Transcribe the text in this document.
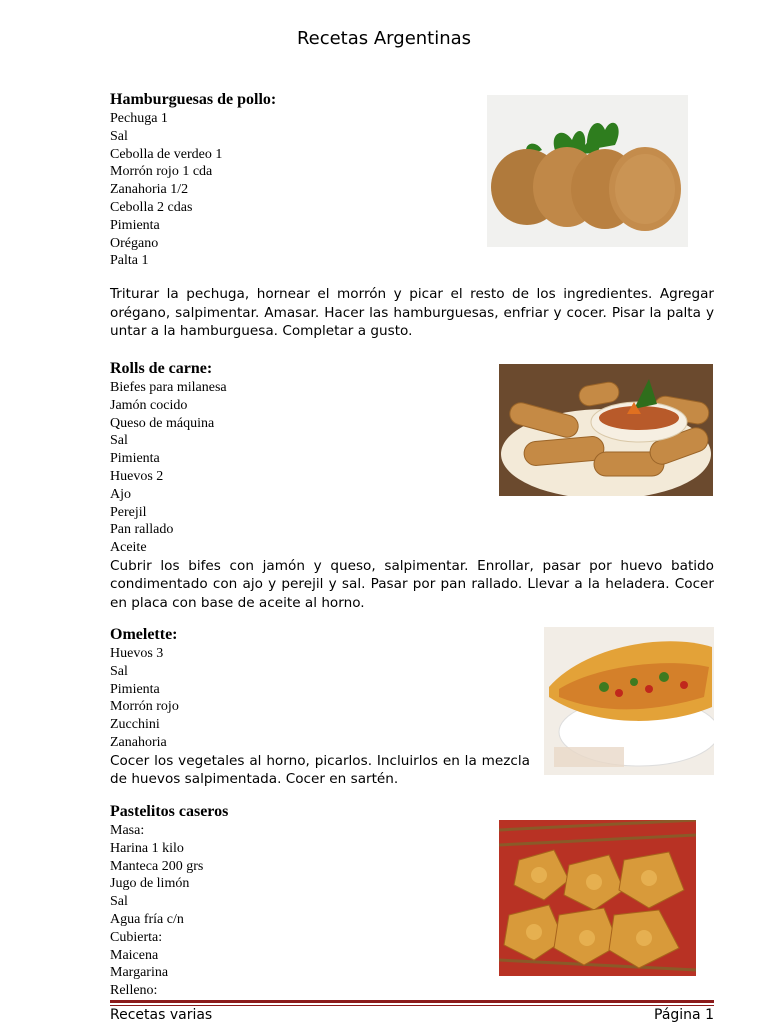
Recetas Argentinas
Hamburguesas de pollo:
Pechuga 1
Sal
Cebolla de verdeo 1
Morrón rojo 1 cda
Zanahoria 1/2
Cebolla 2 cdas
Pimienta
Orégano
Palta 1

Triturar la pechuga, hornear el morrón y picar el resto de los ingredientes. Agregar orégano, salpimentar. Amasar. Hacer las hamburguesas, enfriar y cocer. Pisar la palta y untar a la hamburguesa. Completar a gusto.

Rolls de carne:
Biefes para milanesa
Jamón cocido
Queso de máquina
Sal
Pimienta
Huevos 2
Ajo
Perejil
Pan rallado
Aceite

Cubrir los bifes con jamón y queso, salpimentar. Enrollar, pasar por huevo batido condimentado con ajo y perejil y sal. Pasar por pan rallado. Llevar a la heladera. Cocer en placa con base de aceite al horno.

Omelette:
Huevos 3
Sal
Pimienta
Morrón rojo
Zucchini
Zanahoria

Cocer los vegetales al horno, picarlos. Incluirlos en la mezcla de huevos salpimentada. Cocer en sartén.

Pastelitos caseros
Masa:
Harina 1 kilo
Manteca 200 grs
Jugo de limón
Sal
Agua fría c/n
Cubierta:
Maicena
Margarina
Relleno:
Recetas varias	Página 1
